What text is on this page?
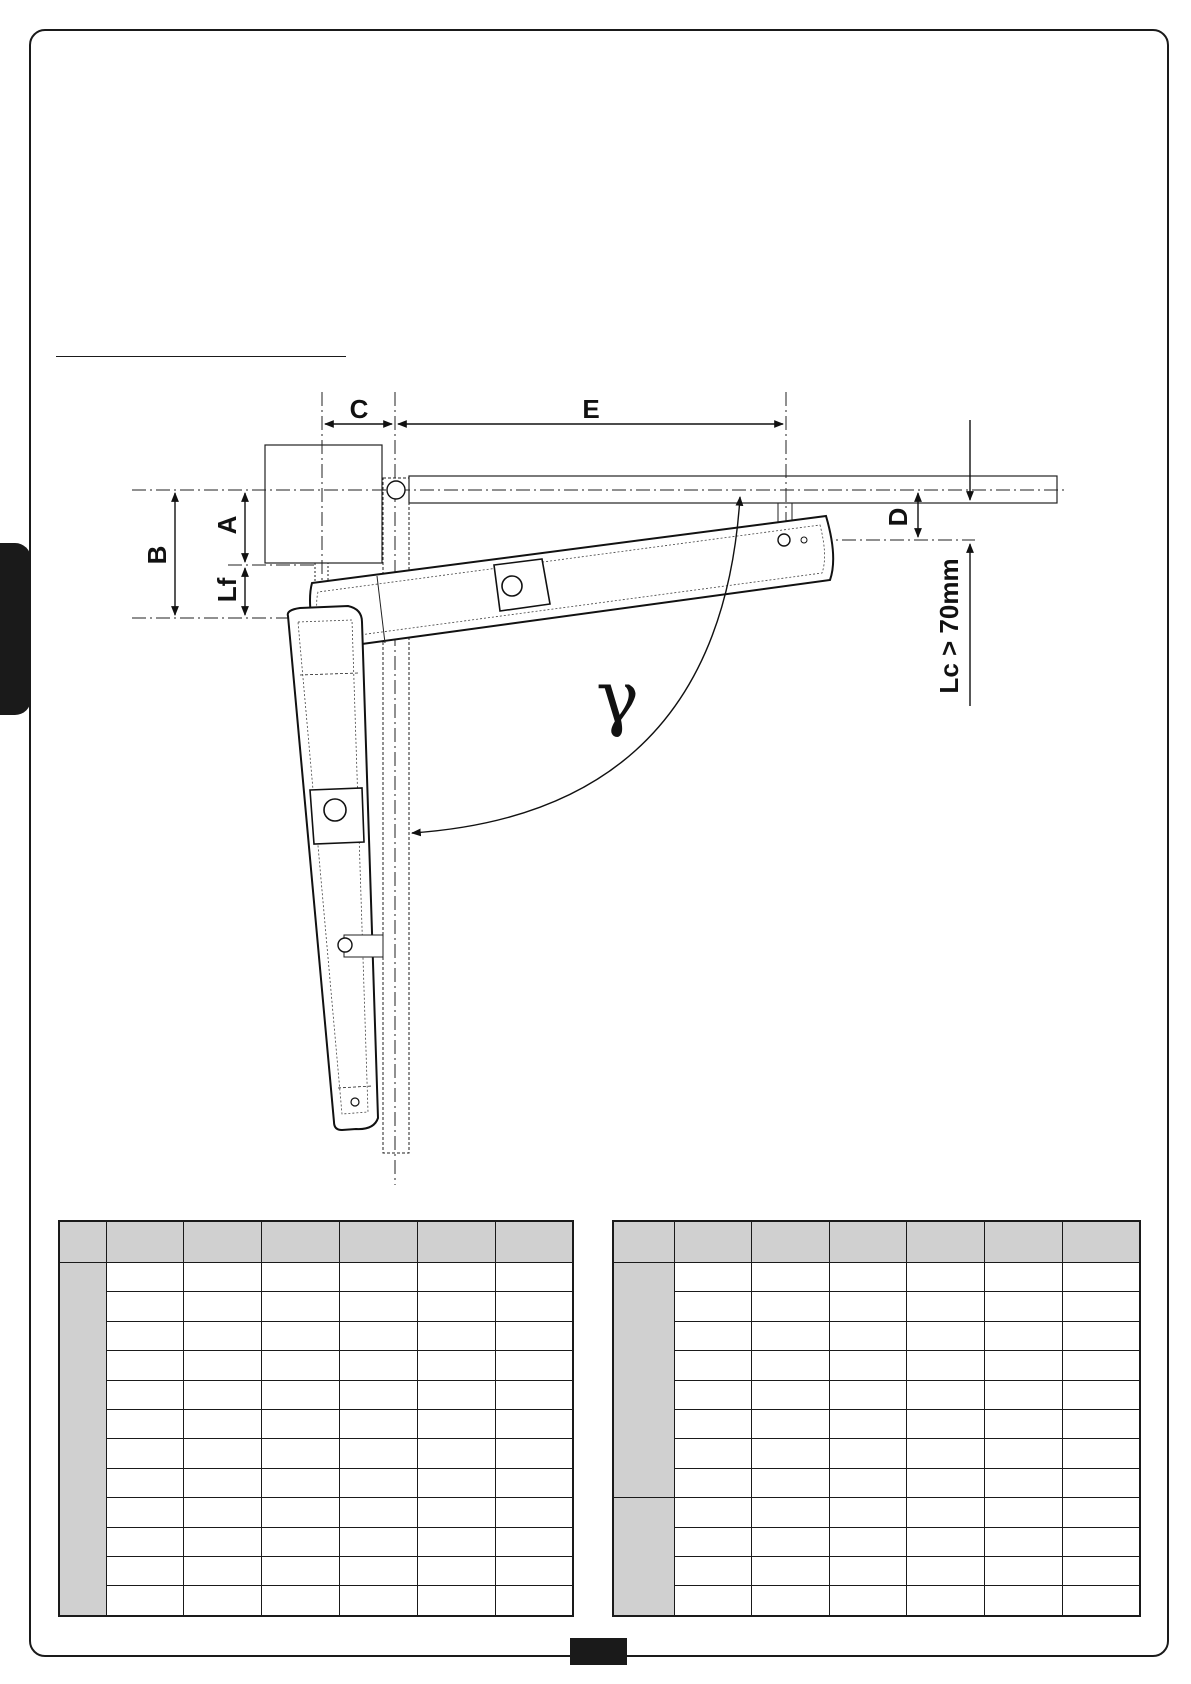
γ
C	E
B
A
Lf
D
Lc > 70mm
